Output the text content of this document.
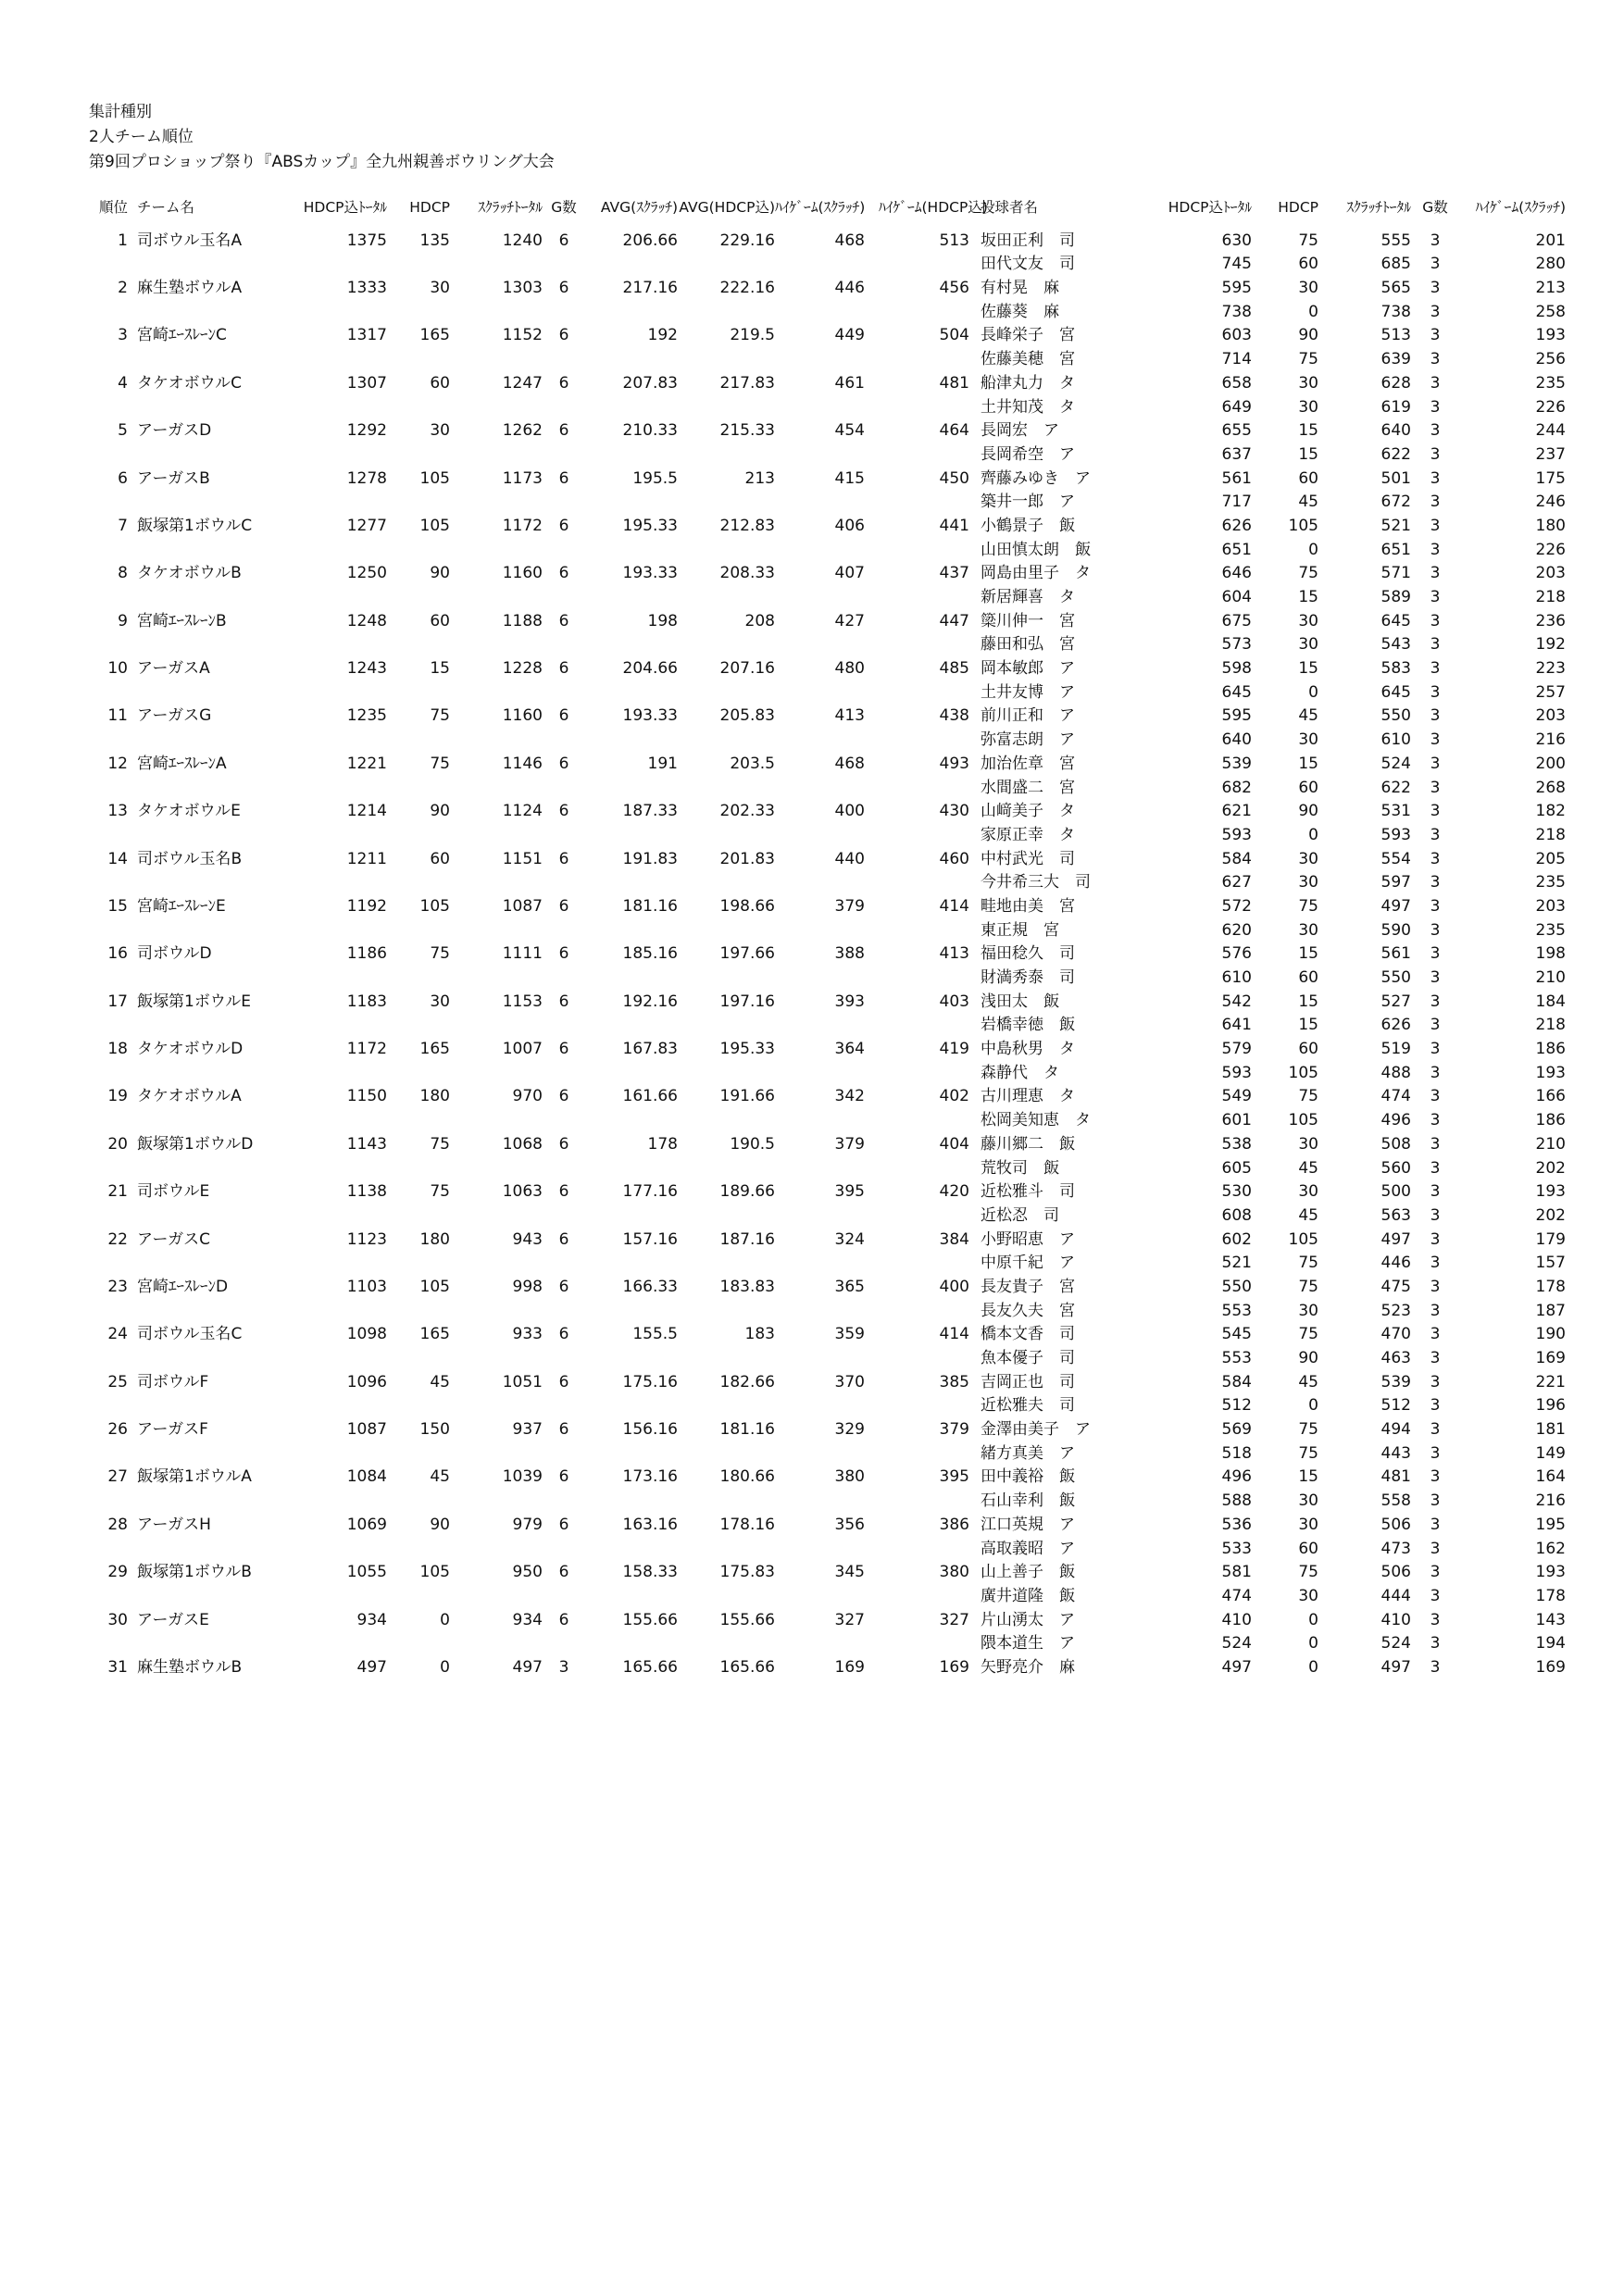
集計種別
2人チーム順位
第9回プロショップ祭り『ABSカップ』全九州親善ボウリング大会
順位 チーム名	HDCP込ﾄｰﾀﾙ	HDCP	ｽｸﾗｯﾁﾄｰﾀﾙ G数	AVG(ｽｸﾗｯﾁ) AVG(HDCP込) ﾊｲｹﾞｰﾑ(ｽｸﾗｯﾁ) ﾊｲｹﾞｰﾑ(HDCP込)
投球者名	HDCP込ﾄｰﾀﾙ	HDCP	ｽｸﾗｯﾁﾄｰﾀﾙ G数	ﾊｲｹﾞｰﾑ(ｽｸﾗｯﾁ)
1 司ボウル玉名A	1375	135	1240	6	206.66	229.16	468	513 坂田正利　司	630	75	555	3	201
田代文友　司	745	60	685	3	280
2 麻生塾ボウルA	1333	30	1303	6	217.16	222.16	446	456 有村晃　麻	595	30	565	3	213
佐藤葵　麻	738	0	738	3	258
3 宮崎ｴｰｽﾚｰﾝC	1317	165	1152	6	192	219.5	449	504 長峰栄子　宮	603	90	513	3	193
佐藤美穂　宮	714	75	639	3	256
4 タケオボウルC	1307	60	1247	6	207.83	217.83	461	481 船津丸力　タ	658	30	628	3	235
土井知茂　タ	649	30	619	3	226
5 アーガスD	1292	30	1262	6	210.33	215.33	454	464 長岡宏　ア	655	15	640	3	244
長岡希空　ア	637	15	622	3	237
6 アーガスB	1278	105	1173	6	195.5	213	415	450 齊藤みゆき　ア	561	60	501	3	175
築井一郎　ア	717	45	672	3	246
7 飯塚第1ボウルC	1277	105	1172	6	195.33	212.83	406	441 小鶴景子　飯	626	105	521	3	180
山田慎太朗　飯	651	0	651	3	226
8 タケオボウルB	1250	90	1160	6	193.33	208.33	407	437 岡島由里子　タ	646	75	571	3	203
新居輝喜　タ	604	15	589	3	218
9 宮崎ｴｰｽﾚｰﾝB	1248	60	1188	6	198	208	427	447 簗川伸一　宮	675	30	645	3	236
藤田和弘　宮	573	30	543	3	192
10 アーガスA	1243	15	1228	6	204.66	207.16	480	485 岡本敏郎　ア	598	15	583	3	223
土井友博　ア	645	0	645	3	257
11 アーガスG	1235	75	1160	6	193.33	205.83	413	438 前川正和　ア	595	45	550	3	203
弥富志朗　ア	640	30	610	3	216
12 宮崎ｴｰｽﾚｰﾝA	1221	75	1146	6	191	203.5	468	493 加治佐章　宮	539	15	524	3	200
水間盛二　宮	682	60	622	3	268
13 タケオボウルE	1214	90	1124	6	187.33	202.33	400	430 山﨑美子　タ	621	90	531	3	182
家原正幸　タ	593	0	593	3	218
14 司ボウル玉名B	1211	60	1151	6	191.83	201.83	440	460 中村武光　司	584	30	554	3	205
今井希三大　司	627	30	597	3	235
15 宮崎ｴｰｽﾚｰﾝE	1192	105	1087	6	181.16	198.66	379	414 畦地由美　宮	572	75	497	3	203
東正規　宮	620	30	590	3	235
16 司ボウルD	1186	75	1111	6	185.16	197.66	388	413 福田稔久　司	576	15	561	3	198
財満秀泰　司	610	60	550	3	210
17 飯塚第1ボウルE	1183	30	1153	6	192.16	197.16	393	403 浅田太　飯	542	15	527	3	184
岩橋幸徳　飯	641	15	626	3	218
18 タケオボウルD	1172	165	1007	6	167.83	195.33	364	419 中島秋男　タ	579	60	519	3	186
森静代　タ	593	105	488	3	193
19 タケオボウルA	1150	180	970	6	161.66	191.66	342	402 古川理恵　タ	549	75	474	3	166
松岡美知恵　タ	601	105	496	3	186
20 飯塚第1ボウルD	1143	75	1068	6	178	190.5	379	404 藤川郷二　飯	538	30	508	3	210
荒牧司　飯	605	45	560	3	202
21 司ボウルE	1138	75	1063	6	177.16	189.66	395	420 近松雅斗　司	530	30	500	3	193
近松忍　司	608	45	563	3	202
22 アーガスC	1123	180	943	6	157.16	187.16	324	384 小野昭恵　ア	602	105	497	3	179
中原千紀　ア	521	75	446	3	157
23 宮崎ｴｰｽﾚｰﾝD	1103	105	998	6	166.33	183.83	365	400 長友貴子　宮	550	75	475	3	178
長友久夫　宮	553	30	523	3	187
24 司ボウル玉名C	1098	165	933	6	155.5	183	359	414 橋本文香　司	545	75	470	3	190
魚本優子　司	553	90	463	3	169
25 司ボウルF	1096	45	1051	6	175.16	182.66	370	385 吉岡正也　司	584	45	539	3	221
近松雅夫　司	512	0	512	3	196
26 アーガスF	1087	150	937	6	156.16	181.16	329	379 金澤由美子　ア	569	75	494	3	181
緒方真美　ア	518	75	443	3	149
27 飯塚第1ボウルA	1084	45	1039	6	173.16	180.66	380	395 田中義裕　飯	496	15	481	3	164
石山幸利　飯	588	30	558	3	216
28 アーガスH	1069	90	979	6	163.16	178.16	356	386 江口英規　ア	536	30	506	3	195
高取義昭　ア	533	60	473	3	162
29 飯塚第1ボウルB	1055	105	950	6	158.33	175.83	345	380 山上善子　飯	581	75	506	3	193
廣井道隆　飯	474	30	444	3	178
30 アーガスE	934	0	934	6	155.66	155.66	327	327 片山湧太　ア	410	0	410	3	143
隈本道生　ア	524	0	524	3	194
31 麻生塾ボウルB	497	0	497	3	165.66	165.66	169	169 矢野亮介　麻	497	0	497	3	169
